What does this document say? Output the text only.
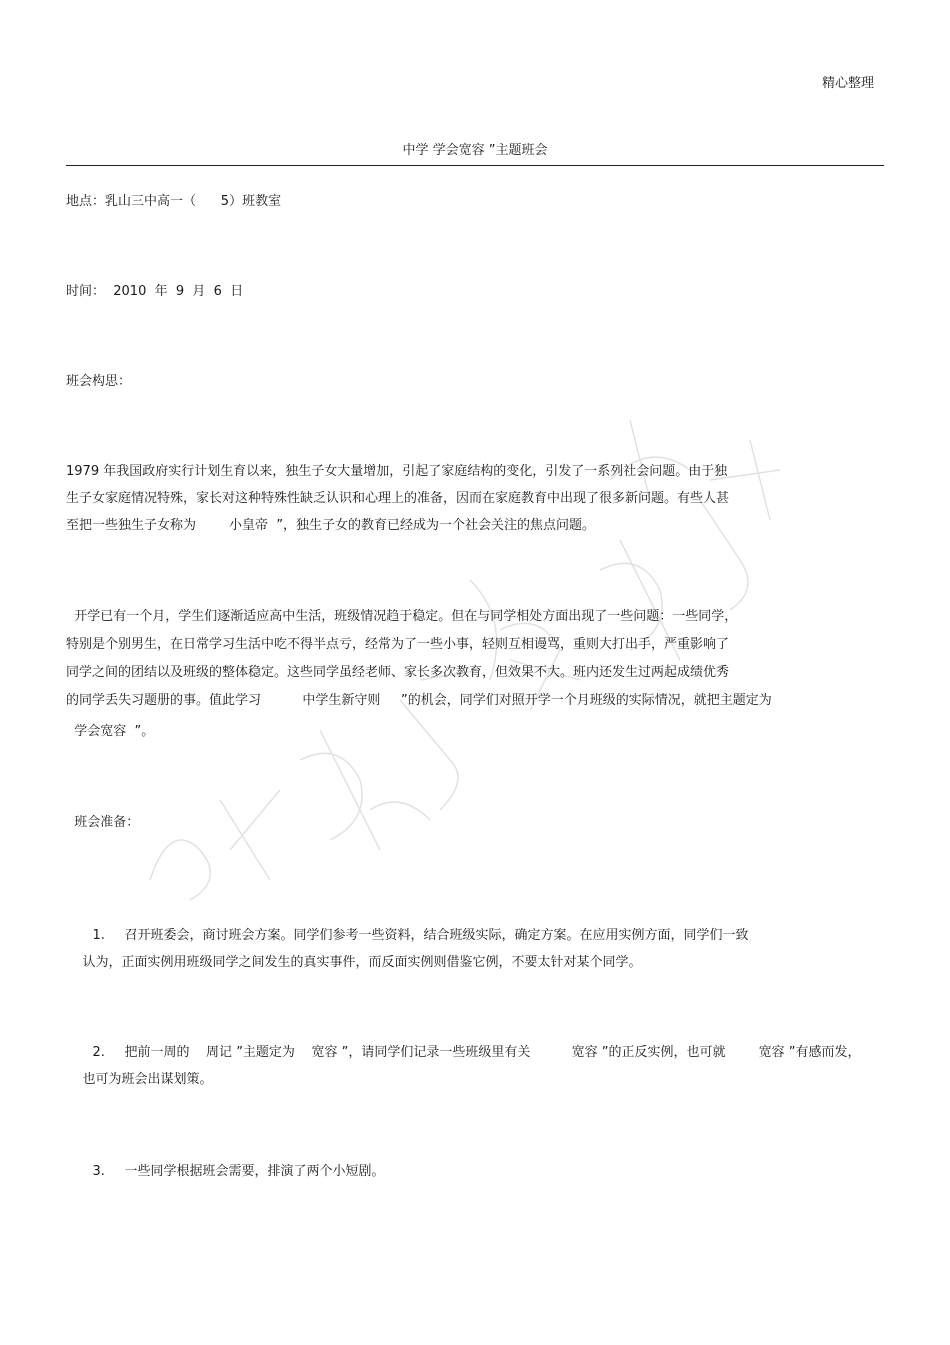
精心整理
中学 学会宽容 ”主题班会
地点：乳山三中高一（      5）班教室
时间：  2010  年  9  月  6  日
班会构思：
1979 年我国政府实行计划生育以来，独生子女大量增加，引起了家庭结构的变化，引发了一系列社会问题。由于独
生子女家庭情况特殊，家长对这种特殊性缺乏认识和心理上的准备，因而在家庭教育中出现了很多新问题。有些人甚
至把一些独生子女称为        小皇帝  ”，独生子女的教育已经成为一个社会关注的焦点问题。
开学已有一个月，学生们逐渐适应高中生活，班级情况趋于稳定。但在与同学相处方面出现了一些问题：一些同学，
特别是个别男生，在日常学习生活中吃不得半点亏，经常为了一些小事，轻则互相谩骂，重则大打出手，严重影响了
同学之间的团结以及班级的整体稳定。这些同学虽经老师、家长多次教育，但效果不大。班内还发生过两起成绩优秀
的同学丢失习题册的事。值此学习          中学生新守则     ”的机会，同学们对照开学一个月班级的实际情况，就把主题定为
学会宽容  ”。
班会准备：

1. 召开班委会，商讨班会方案。同学们参考一些资料，结合班级实际，确定方案。在应用实例方面，同学们一致

认为，正面实例用班级同学之间发生的真实事件，而反面实例则借鉴它例，不要太针对某个同学。

2. 把前一周的    周记 ”主题定为    宽容 ”，请同学们记录一些班级里有关          宽容 ”的正反实例，也可就        宽容 ”有感而发，

也可为班会出谋划策。

3. 一些同学根据班会需要，排演了两个小短剧。
